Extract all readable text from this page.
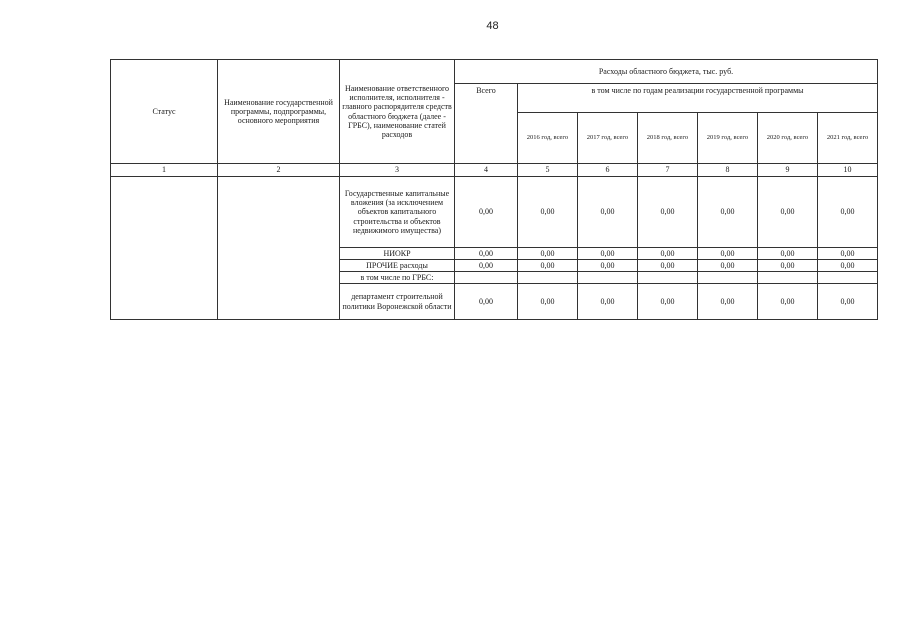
48
Статус	Наименование государственной программы, подпрограммы, основного мероприятия	Наименование ответственного исполнителя, исполнителя - главного распорядителя средств областного бюджета (далее - ГРБС), наименование статей расходов	Расходы областного бюджета, тыс. руб.						
			Всего	в том числе по годам реализации государственной программы					
				2016 год, всего	2017 год, всего	2018 год, всего	2019 год, всего	2020 год, всего	2021 год, всего
1	2	3	4	5	6	7	8	9	10
		Государственные капитальные вложения (за исключением объектов капитального строительства и объектов недвижимого имущества)	0,00	0,00	0,00	0,00	0,00	0,00	0,00
		НИОКР	0,00	0,00	0,00	0,00	0,00	0,00	0,00
		ПРОЧИЕ расходы	0,00	0,00	0,00	0,00	0,00	0,00	0,00
		в том числе по ГРБС:							
		департамент строительной политики Воронежской области	0,00	0,00	0,00	0,00	0,00	0,00	0,00
